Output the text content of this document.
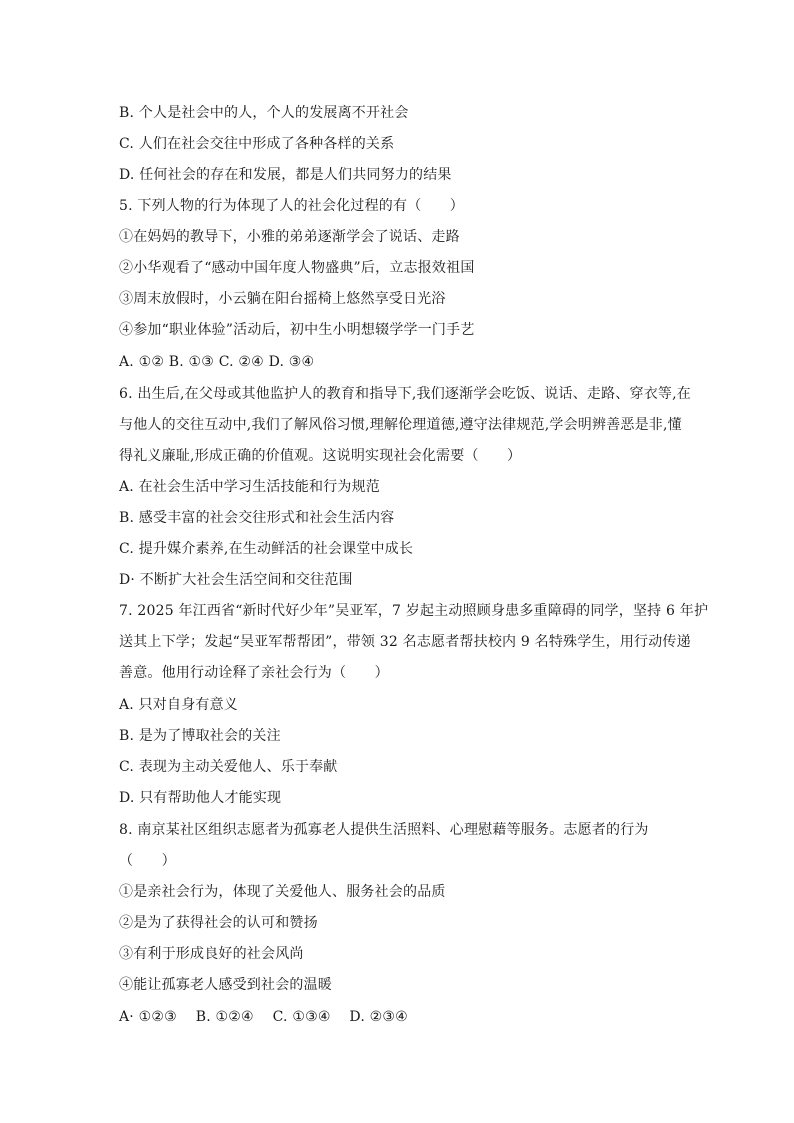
B. 个人是社会中的人，个人的发展离不开社会
C. 人们在社会交往中形成了各种各样的关系
D. 任何社会的存在和发展，都是人们共同努力的结果
5. 下列人物的行为体现了人的社会化过程的有（　　）
①在妈妈的教导下，小雅的弟弟逐渐学会了说话、走路
②小华观看了“感动中国年度人物盛典”后，立志报效祖国
③周末放假时，小云躺在阳台摇椅上悠然享受日光浴
④参加“职业体验”活动后，初中生小明想辍学学一门手艺
A. ①② B. ①③ C. ②④ D. ③④
6. 出生后,在父母或其他监护人的教育和指导下,我们逐渐学会吃饭、说话、走路、穿衣等,在
与他人的交往互动中,我们了解风俗习惯,理解伦理道德,遵守法律规范,学会明辨善恶是非,懂
得礼义廉耻,形成正确的价值观。这说明实现社会化需要（　　）
A. 在社会生活中学习生活技能和行为规范
B. 感受丰富的社会交往形式和社会生活内容
C. 提升媒介素养,在生动鲜活的社会课堂中成长
D· 不断扩大社会生活空间和交往范围
7. 2025 年江西省“新时代好少年”吴亚军，7 岁起主动照顾身患多重障碍的同学，坚持 6 年护
送其上下学；发起“吴亚军帮帮团”，带领 32 名志愿者帮扶校内 9 名特殊学生，用行动传递
善意。他用行动诠释了亲社会行为（　　）
A. 只对自身有意义
B. 是为了博取社会的关注
C. 表现为主动关爱他人、乐于奉献
D. 只有帮助他人才能实现
8. 南京某社区组织志愿者为孤寡老人提供生活照料、心理慰藉等服务。志愿者的行为
（　　）
①是亲社会行为，体现了关爱他人、服务社会的品质
②是为了获得社会的认可和赞扬
③有利于形成良好的社会风尚
④能让孤寡老人感受到社会的温暖
A· ①②③　 B. ①②④　 C. ①③④　 D. ②③④
